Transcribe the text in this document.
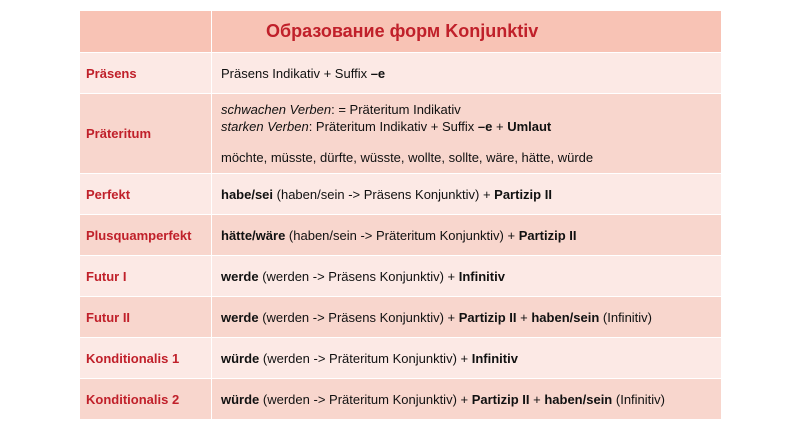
	Образование форм Konjunktiv
Präsens	Präsens Indikativ + Suffix –e
Präteritum	schwachen Verben: = Präteritum Indikativ
starken Verben: Präteritum Indikativ + Suffix –e + Umlaut
möchte, müsste, dürfte, wüsste, wollte, sollte, wäre, hätte, würde

Perfekt	habe/sei (haben/sein -> Präsens Konjunktiv) + Partizip II
Plusquamperfekt	hätte/wäre (haben/sein -> Präteritum Konjunktiv) + Partizip II
Futur I	werde (werden -> Präsens Konjunktiv) + Infinitiv
Futur II	werde (werden -> Präsens Konjunktiv) + Partizip II + haben/sein (Infinitiv)
Konditionalis 1	würde (werden -> Präteritum Konjunktiv) + Infinitiv
Konditionalis 2	würde (werden -> Präteritum Konjunktiv) + Partizip II + haben/sein (Infinitiv)
